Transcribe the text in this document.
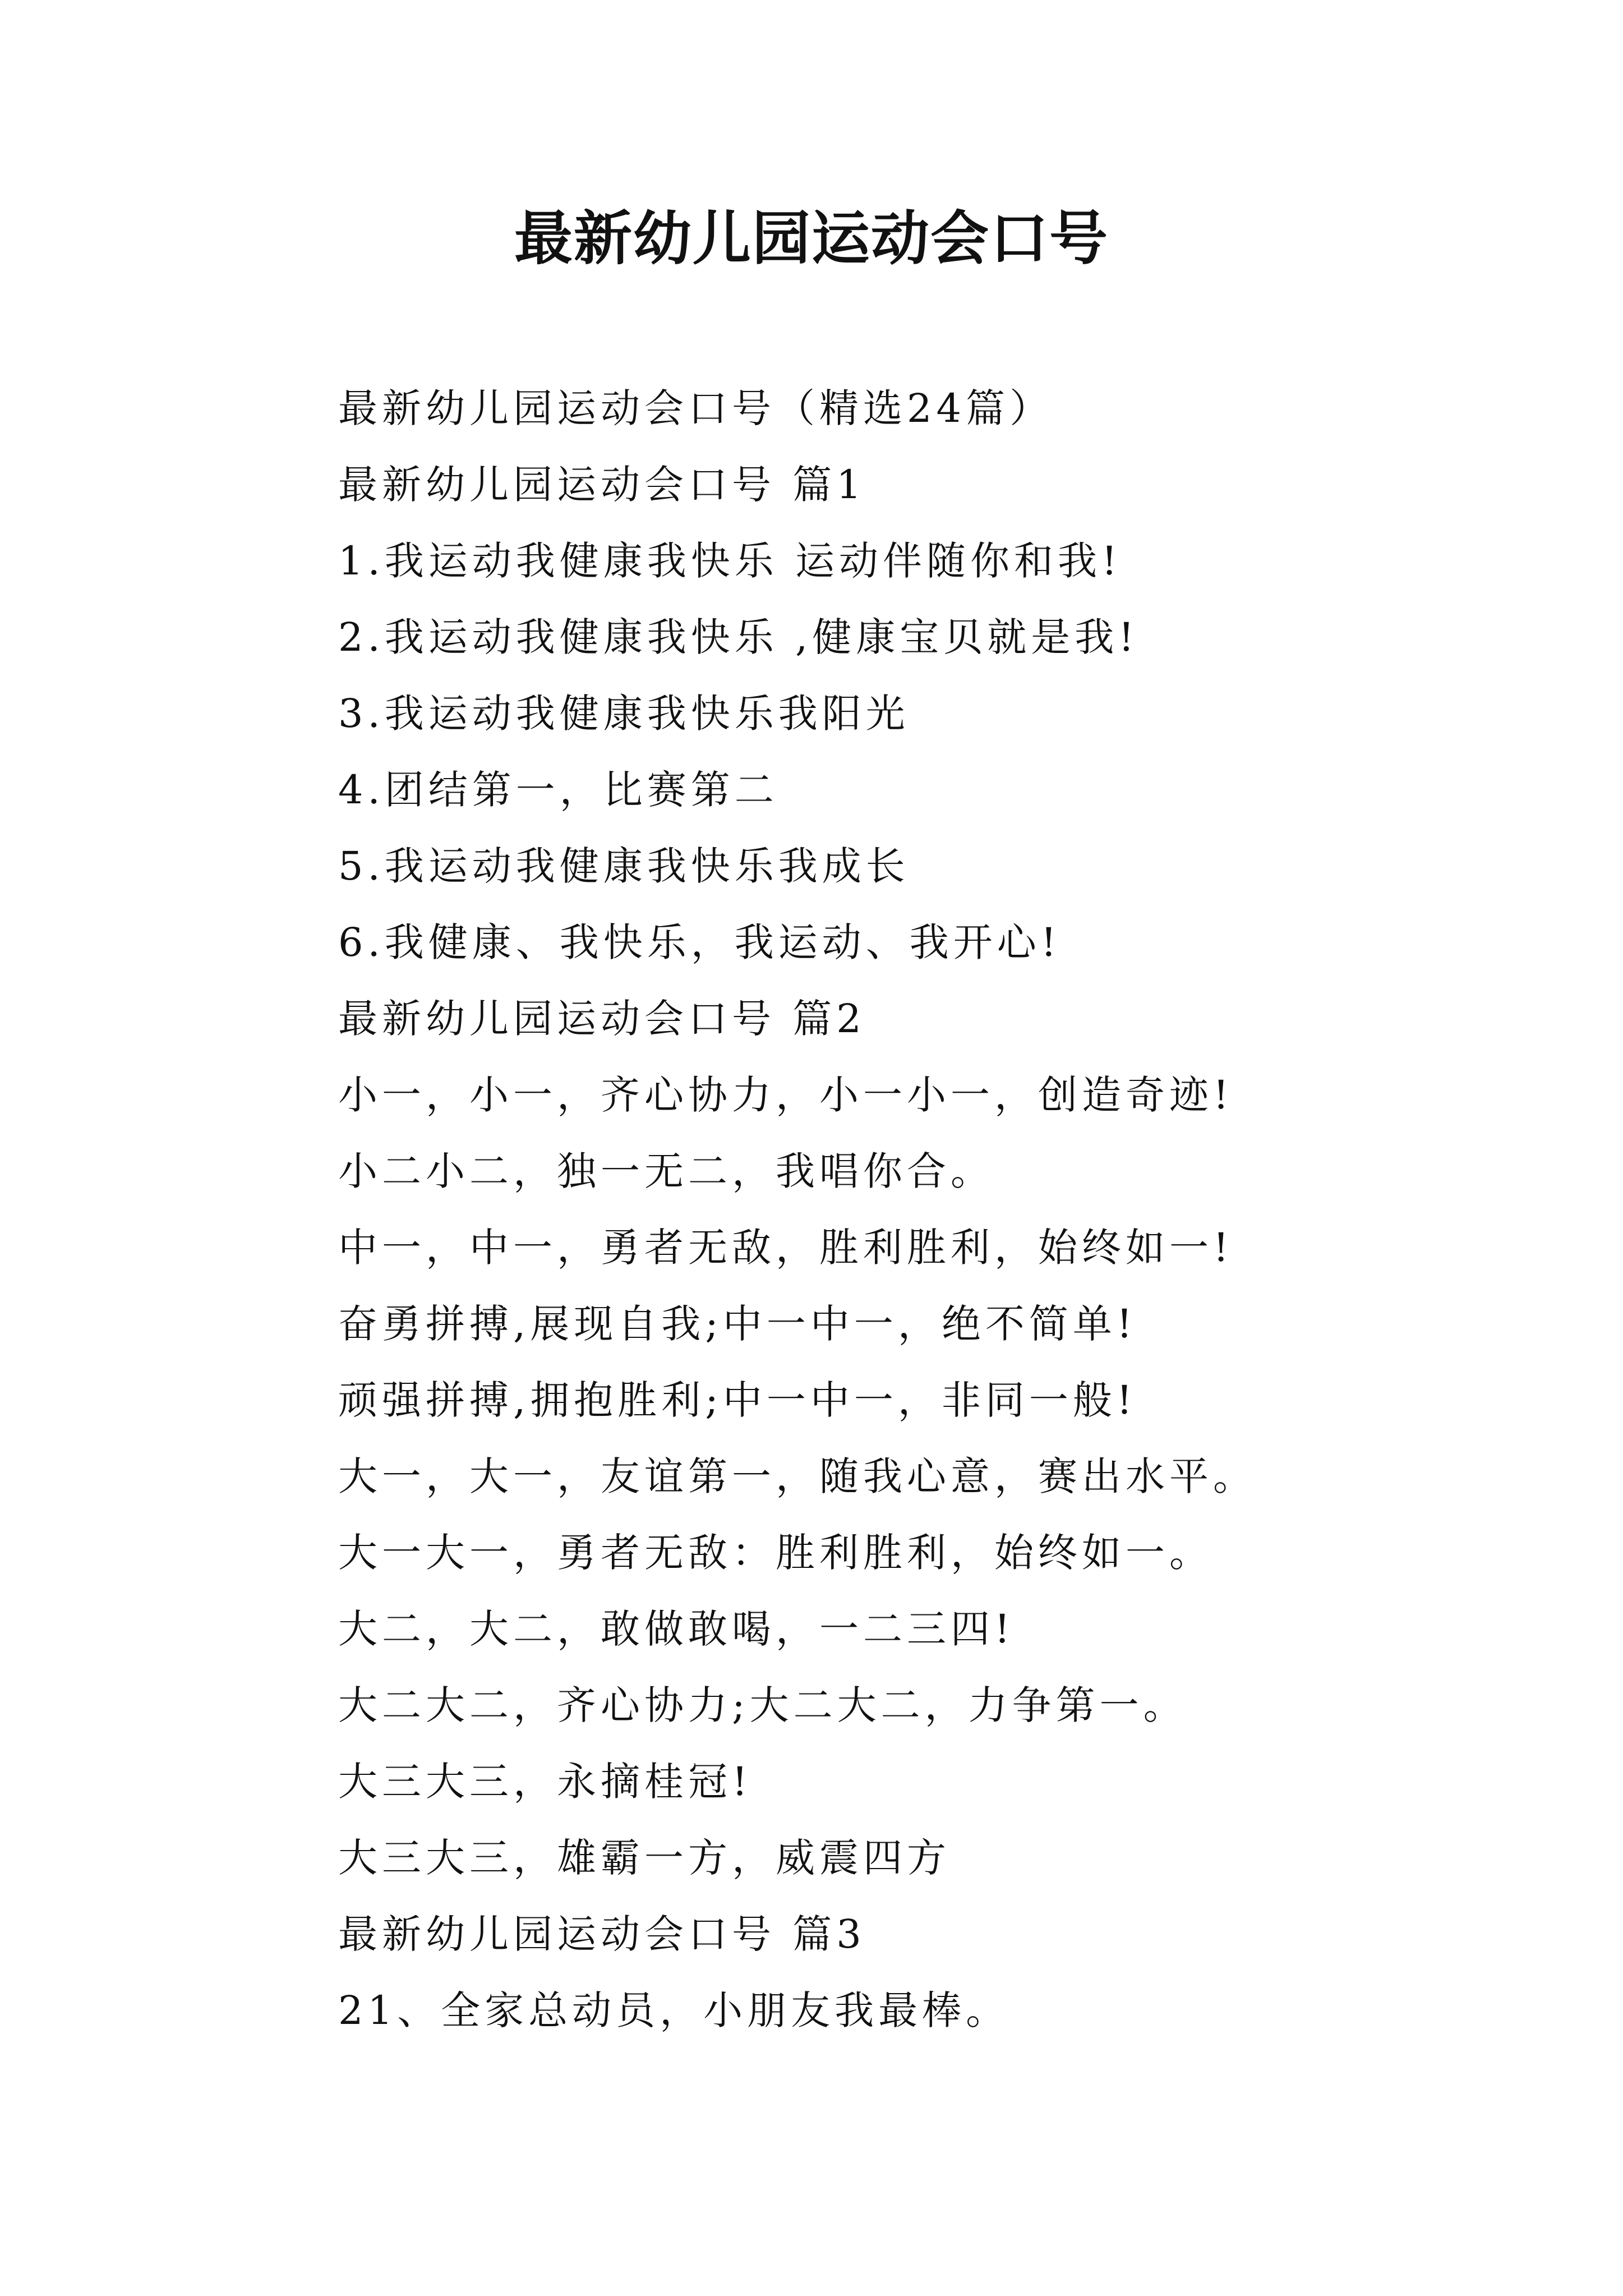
最新幼儿园运动会口号
最新幼儿园运动会口号（精选24篇）
最新幼儿园运动会口号 篇1
1.我运动我健康我快乐 运动伴随你和我!
2.我运动我健康我快乐 ,健康宝贝就是我!
3.我运动我健康我快乐我阳光
4.团结第一，比赛第二
5.我运动我健康我快乐我成长
6.我健康、我快乐，我运动、我开心!
最新幼儿园运动会口号 篇2
小一，小一，齐心协力，小一小一，创造奇迹!
小二小二，独一无二，我唱你合。
中一，中一，勇者无敌，胜利胜利，始终如一!
奋勇拼搏,展现自我;中一中一，绝不简单!
顽强拼搏,拥抱胜利;中一中一，非同一般!
大一，大一，友谊第一，随我心意，赛出水平。
大一大一，勇者无敌：胜利胜利，始终如一。
大二，大二，敢做敢喝，一二三四!
大二大二，齐心协力;大二大二，力争第一。
大三大三，永摘桂冠!
大三大三，雄霸一方，威震四方
最新幼儿园运动会口号 篇3
21、全家总动员，小朋友我最棒。
